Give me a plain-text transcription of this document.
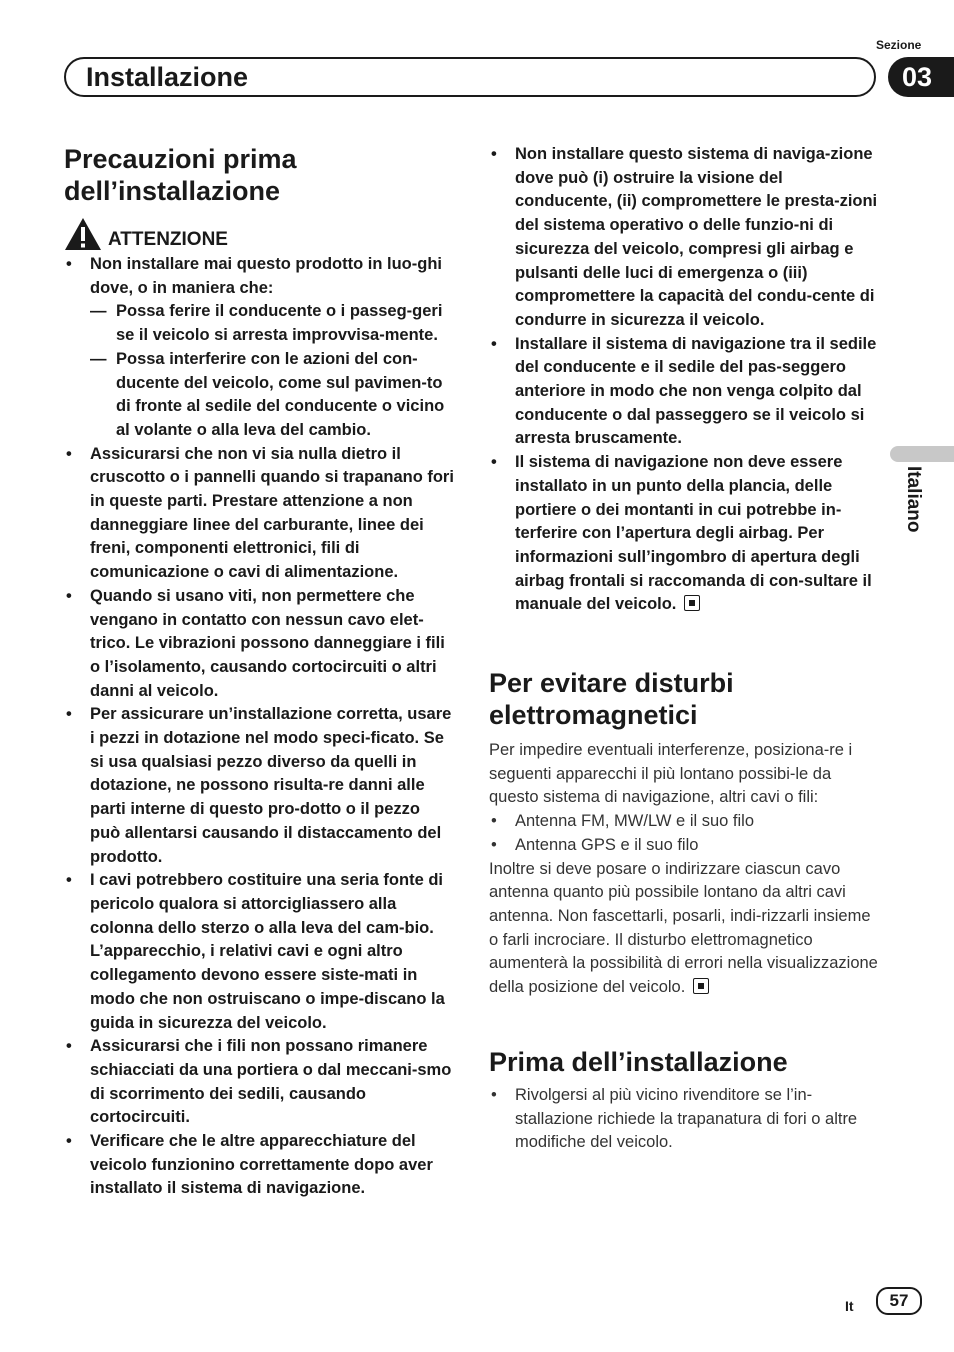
Sezione
Installazione	03
Italiano
Precauzioni prima dell’installazione
ATTENZIONE
• Non installare mai questo prodotto in luo-ghi dove, o in maniera che:
— Possa ferire il conducente o i passeg-geri se il veicolo si arresta improvvisa-mente.
— Possa interferire con le azioni del con-ducente del veicolo, come sul pavimen-to di fronte al sedile del conducente o vicino al volante o alla leva del cambio.
• Assicurarsi che non vi sia nulla dietro il cruscotto o i pannelli quando si trapanano fori in queste parti. Prestare attenzione a non danneggiare linee del carburante, linee dei freni, componenti elettronici, fili di comunicazione o cavi di alimentazione.
• Quando si usano viti, non permettere che vengano in contatto con nessun cavo elet-trico. Le vibrazioni possono danneggiare i fili o l’isolamento, causando cortocircuiti o altri danni al veicolo.
• Per assicurare un’installazione corretta, usare i pezzi in dotazione nel modo speci-ficato. Se si usa qualsiasi pezzo diverso da quelli in dotazione, ne possono risulta-re danni alle parti interne di questo pro-dotto o il pezzo può allentarsi causando il distaccamento del prodotto.
• I cavi potrebbero costituire una seria fonte di pericolo qualora si attorcigliassero alla colonna dello sterzo o alla leva del cam-bio. L’apparecchio, i relativi cavi e ogni altro collegamento devono essere siste-mati in modo che non ostruiscano o impe-discano la guida in sicurezza del veicolo.
• Assicurarsi che i fili non possano rimanere schiacciati da una portiera o dal meccani-smo di scorrimento dei sedili, causando cortocircuiti.
• Verificare che le altre apparecchiature del veicolo funzionino correttamente dopo aver installato il sistema di navigazione.
• Non installare questo sistema di naviga-zione dove può (i) ostruire la visione del conducente, (ii) compromettere le presta-zioni del sistema operativo o delle funzio-ni di sicurezza del veicolo, compresi gli airbag e pulsanti delle luci di emergenza o (iii) compromettere la capacità del condu-cente di condurre in sicurezza il veicolo.
• Installare il sistema di navigazione tra il sedile del conducente e il sedile del pas-seggero anteriore in modo che non venga colpito dal conducente o dal passeggero se il veicolo si arresta bruscamente.
• Il sistema di navigazione non deve essere installato in un punto della plancia, delle portiere o dei montanti in cui potrebbe in-terferire con l’apertura degli airbag. Per informazioni sull’ingombro di apertura degli airbag frontali si raccomanda di con-sultare il manuale del veicolo.
Per evitare disturbi elettromagnetici
Per impedire eventuali interferenze, posiziona-re i seguenti apparecchi il più lontano possibi-le da questo sistema di navigazione, altri cavi o fili:
• Antenna FM, MW/LW e il suo filo
• Antenna GPS e il suo filo
Inoltre si deve posare o indirizzare ciascun cavo antenna quanto più possibile lontano da altri cavi antenna. Non fascettarli, posarli, indi-rizzarli insieme o farli incrociare. Il disturbo elettromagnetico aumenterà la possibilità di errori nella visualizzazione della posizione del veicolo.
Prima dell’installazione
• Rivolgersi al più vicino rivenditore se l’in-stallazione richiede la trapanatura di fori o altre modifiche del veicolo.
It	57
